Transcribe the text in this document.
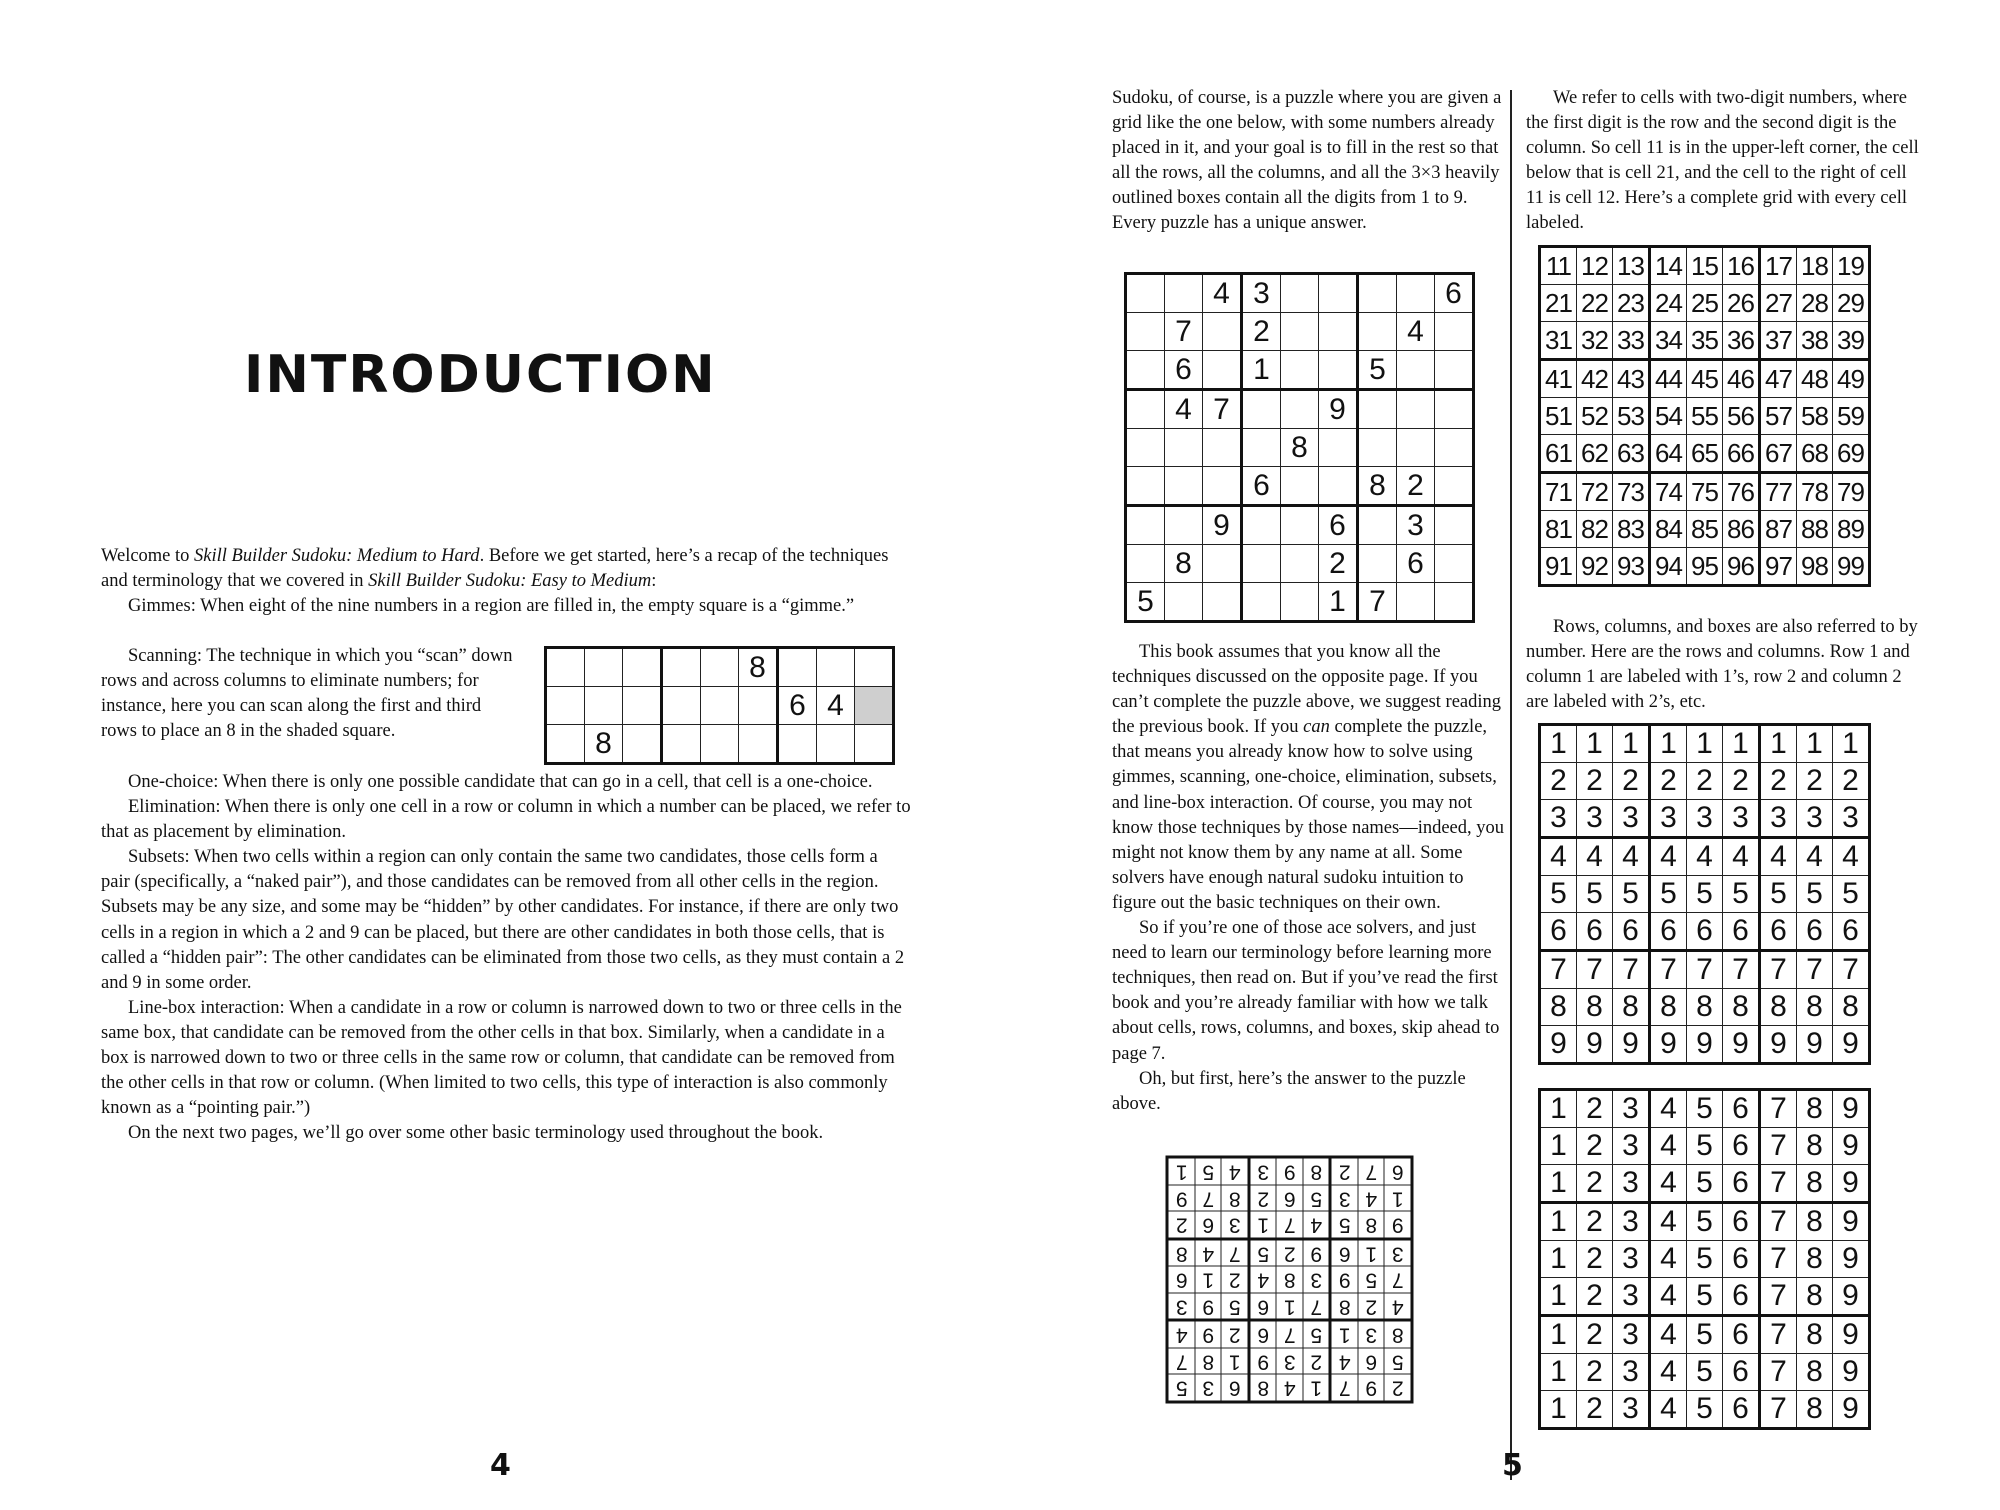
INTRODUCTION

Welcome to Skill Builder Sudoku: Medium to Hard. Before we get started, here’s a recap of the techniques and terminology that we covered in Skill Builder Sudoku: Easy to Medium:

Gimmes: When eight of the nine numbers in a region are filled in, the empty square is a “gimme.”

Scanning: The technique in which you “scan” down rows and across columns to eliminate numbers; for instance, here you can scan along the first and third rows to place an 8 in the shaded square.

					8			
						6	4	
	8							

One-choice: When there is only one possible candidate that can go in a cell, that cell is a one-choice.

Elimination: When there is only one cell in a row or column in which a number can be placed, we refer to that as placement by elimination.

Subsets: When two cells within a region can only contain the same two candidates, those cells form a pair (specifically, a “naked pair”), and those candidates can be removed from all other cells in the region. Subsets may be any size, and some may be “hidden” by other candidates. For instance, if there are only two cells in a region in which a 2 and 9 can be placed, but there are other candidates in both those cells, that is called a “hidden pair”: The other candidates can be eliminated from those two cells, as they must contain a 2 and 9 in some order.

Line-box interaction: When a candidate in a row or column is narrowed down to two or three cells in the same box, that candidate can be removed from the other cells in that box. Similarly, when a candidate in a box is narrowed down to two or three cells in the same row or column, that candidate can be removed from the other cells in that row or column. (When limited to two cells, this type of interaction is also commonly known as a “pointing pair.”)

On the next two pages, we’ll go over some other basic terminology used throughout the book.

4

Sudoku, of course, is a puzzle where you are given a grid like the one below, with some numbers already placed in it, and your goal is to fill in the rest so that all the rows, all the columns, and all the 3×3 heavily outlined boxes contain all the digits from 1 to 9. Every puzzle has a unique answer.

		4	3					6
	7		2				4	
	6		1			5		
	4	7			9			
				8				
			6			8	2	
		9			6		3	
	8				2		6	
5					1	7		

This book assumes that you know all the techniques discussed on the opposite page. If you can’t complete the puzzle above, we suggest reading the previous book. If you can complete the puzzle, that means you already know how to solve using gimmes, scanning, one-choice, elimination, subsets, and line-box interaction. Of course, you may not know those techniques by those names—indeed, you might not know them by any name at all. Some solvers have enough natural sudoku intuition to figure out the basic techniques on their own.

So if you’re one of those ace solvers, and just need to learn our terminology before learning more techniques, then read on. But if you’ve read the first book and you’re already familiar with how we talk about cells, rows, columns, and boxes, skip ahead to page 7.

Oh, but first, here’s the answer to the puzzle above.

2	9	7	1	4	8	6	3	5
5	6	4	2	3	9	1	8	7
8	3	1	5	7	6	2	9	4
4	2	8	7	1	6	5	9	3
7	5	9	3	8	4	2	1	6
3	1	6	9	2	5	7	4	8
9	8	5	4	7	1	3	6	2
1	4	3	5	6	2	8	7	9
6	7	2	8	9	3	4	5	1

We refer to cells with two-digit numbers, where the first digit is the row and the second digit is the column. So cell 11 is in the upper-left corner, the cell below that is cell 21, and the cell to the right of cell 11 is cell 12. Here’s a complete grid with every cell labeled.

11	12	13	14	15	16	17	18	19
21	22	23	24	25	26	27	28	29
31	32	33	34	35	36	37	38	39
41	42	43	44	45	46	47	48	49
51	52	53	54	55	56	57	58	59
61	62	63	64	65	66	67	68	69
71	72	73	74	75	76	77	78	79
81	82	83	84	85	86	87	88	89
91	92	93	94	95	96	97	98	99

Rows, columns, and boxes are also referred to by number. Here are the rows and columns. Row 1 and column 1 are labeled with 1’s, row 2 and column 2 are labeled with 2’s, etc.

1	1	1	1	1	1	1	1	1
2	2	2	2	2	2	2	2	2
3	3	3	3	3	3	3	3	3
4	4	4	4	4	4	4	4	4
5	5	5	5	5	5	5	5	5
6	6	6	6	6	6	6	6	6
7	7	7	7	7	7	7	7	7
8	8	8	8	8	8	8	8	8
9	9	9	9	9	9	9	9	9
1	2	3	4	5	6	7	8	9
1	2	3	4	5	6	7	8	9
1	2	3	4	5	6	7	8	9
1	2	3	4	5	6	7	8	9
1	2	3	4	5	6	7	8	9
1	2	3	4	5	6	7	8	9
1	2	3	4	5	6	7	8	9
1	2	3	4	5	6	7	8	9
1	2	3	4	5	6	7	8	9
5
